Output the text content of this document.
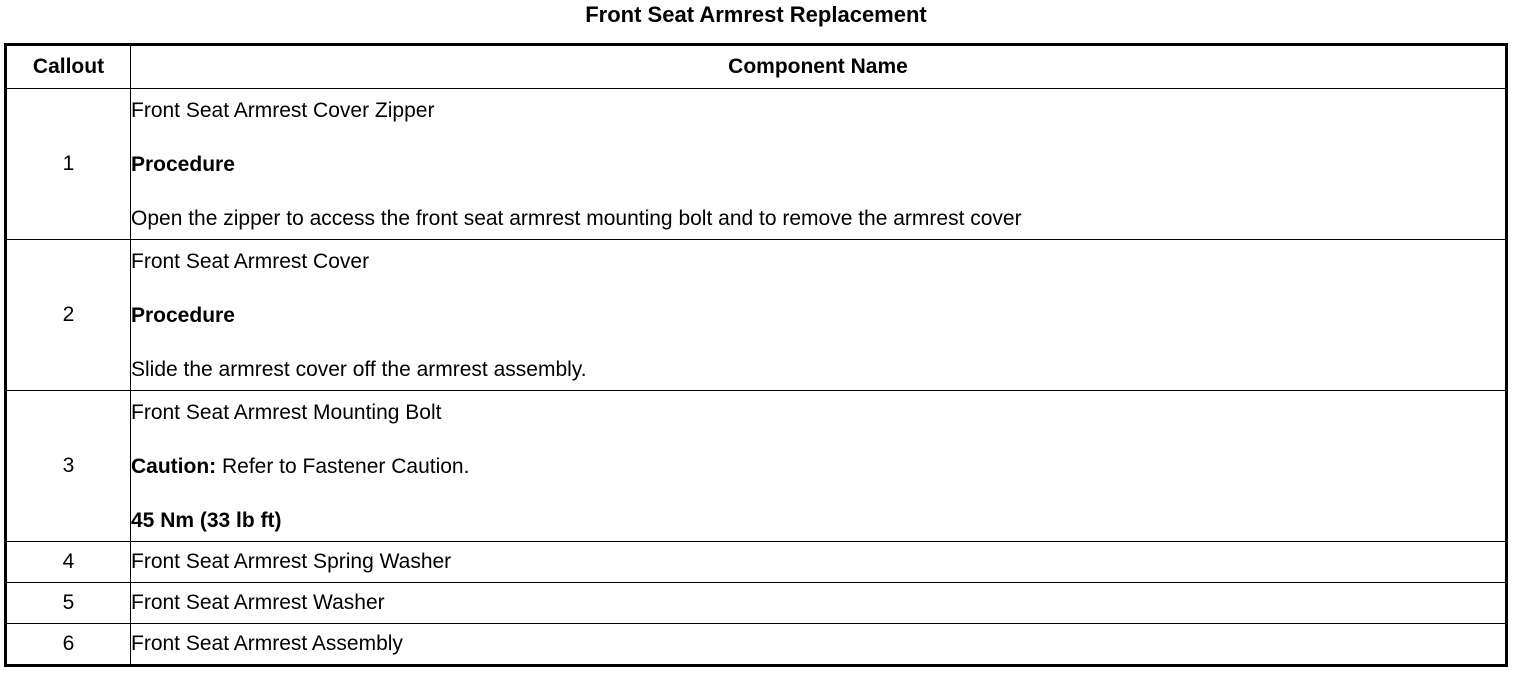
Front Seat Armrest Replacement
Callout	Component Name
1	Front Seat Armrest Cover Zipper
Procedure
Open the zipper to access the front seat armrest mounting bolt and to remove the armrest cover

2	Front Seat Armrest Cover
Procedure
Slide the armrest cover off the armrest assembly.

3	Front Seat Armrest Mounting Bolt
Caution: Refer to Fastener Caution.
45 Nm (33 lb ft)

4	Front Seat Armrest Spring Washer
5	Front Seat Armrest Washer
6	Front Seat Armrest Assembly
